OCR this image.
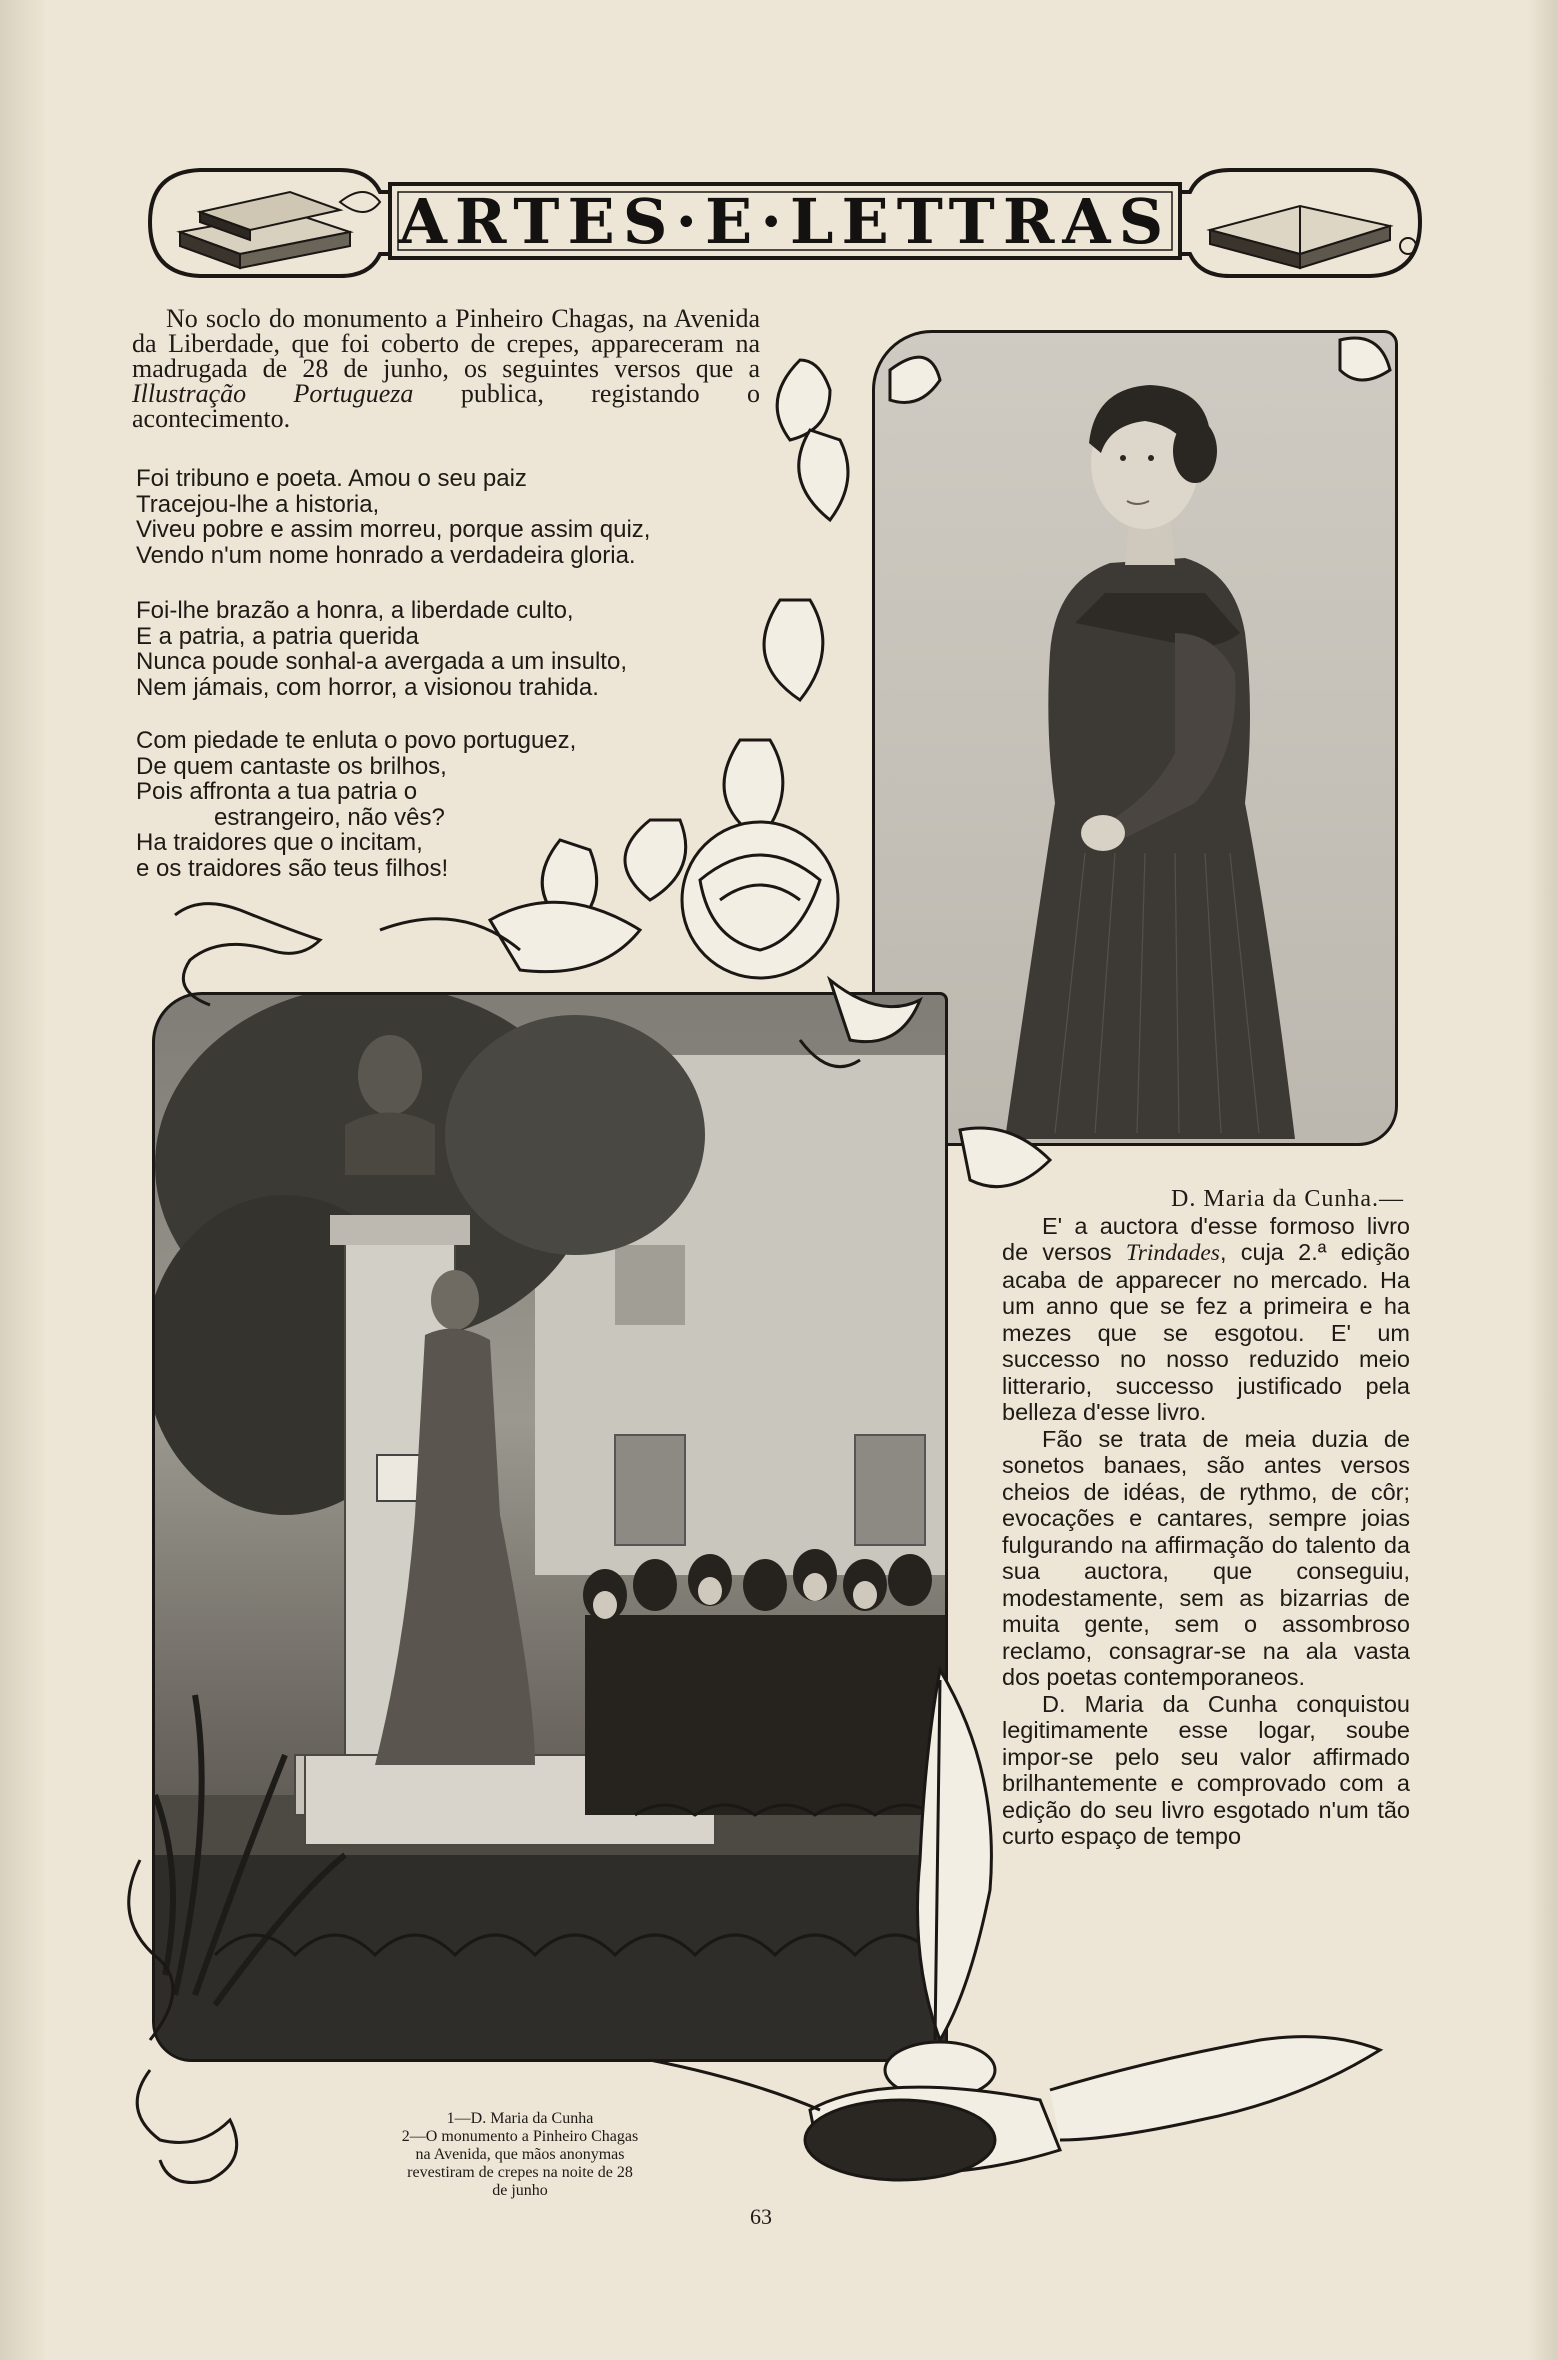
ARTES·E·LETTRAS

No soclo do monumento a Pinheiro Chagas, na Avenida da Liberdade, que foi coberto de crepes, appareceram na madrugada de 28 de junho, os seguintes versos que a Illustração Portugueza publica, registando o acontecimento.

Foi tribuno e poeta. Amou o seu paiz
Tracejou-lhe a historia,
Viveu pobre e assim morreu, porque assim quiz,
Vendo n'um nome honrado a verdadeira gloria.
Foi-lhe brazão a honra, a liberdade culto,
E a patria, a patria querida
Nunca poude sonhal-a avergada a um insulto,
Nem jámais, com horror, a visionou trahida.
Com piedade te enluta o povo portuguez,
De quem cantaste os brilhos,
Pois affronta a tua patria o
estrangeiro, não vês?
Ha traidores que o incitam,
e os traidores são teus filhos!
D. Maria da Cunha.—

E' a auctora d'esse formoso livro de versos Trindades, cuja 2.ª edição acaba de apparecer no mercado. Ha um anno que se fez a primeira e ha mezes que se esgotou. E' um successo no nosso reduzido meio litterario, successo justificado pela belleza d'esse livro.

Fão se trata de meia duzia de sonetos banaes, são antes versos cheios de idéas, de rythmo, de côr; evocações e cantares, sempre joias fulgurando na affirmação do talento da sua auctora, que conseguiu, modestamente, sem as bizarrias de muita gente, sem o assombroso reclamo, consagrar-se na ala vasta dos poetas contemporaneos.

D. Maria da Cunha conquistou legitimamente esse logar, soube impor-se pelo seu valor affirmado brilhantemente e comprovado com a edição do seu livro esgotado n'um tão curto espaço de tempo

1—D. Maria da Cunha
2—O monumento a Pinheiro Chagas
na Avenida, que mãos anonymas
revestiram de crepes na noite de 28
de junho
63
